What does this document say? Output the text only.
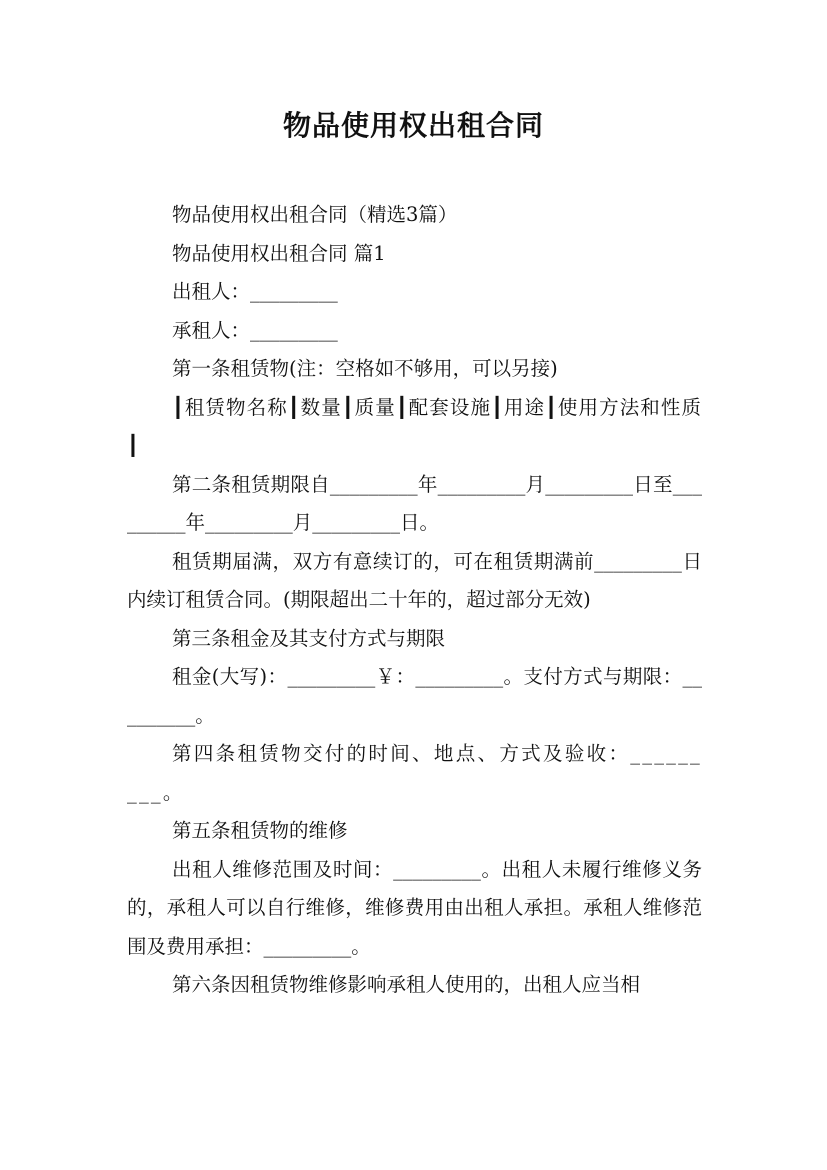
物品使用权出租合同

物品使用权出租合同（精选3篇）

物品使用权出租合同 篇1

出租人：_________

承租人：_________

第一条租赁物(注：空格如不够用，可以另接)

┃租赁物名称┃数量┃质量┃配套设施┃用途┃使用方法和性质┃

第二条租赁期限自_________年_________月_________日至_________年_________月_________日。

租赁期届满，双方有意续订的，可在租赁期满前_________日内续订租赁合同。(期限超出二十年的，超过部分无效)

第三条租金及其支付方式与期限

租金(大写)：_________￥：_________。支付方式与期限：_________。

第四条租赁物交付的时间、地点、方式及验收：_________。

第五条租赁物的维修

出租人维修范围及时间：_________。出租人未履行维修义务的，承租人可以自行维修，维修费用由出租人承担。承租人维修范围及费用承担：_________。

第六条因租赁物维修影响承租人使用的，出租人应当相
